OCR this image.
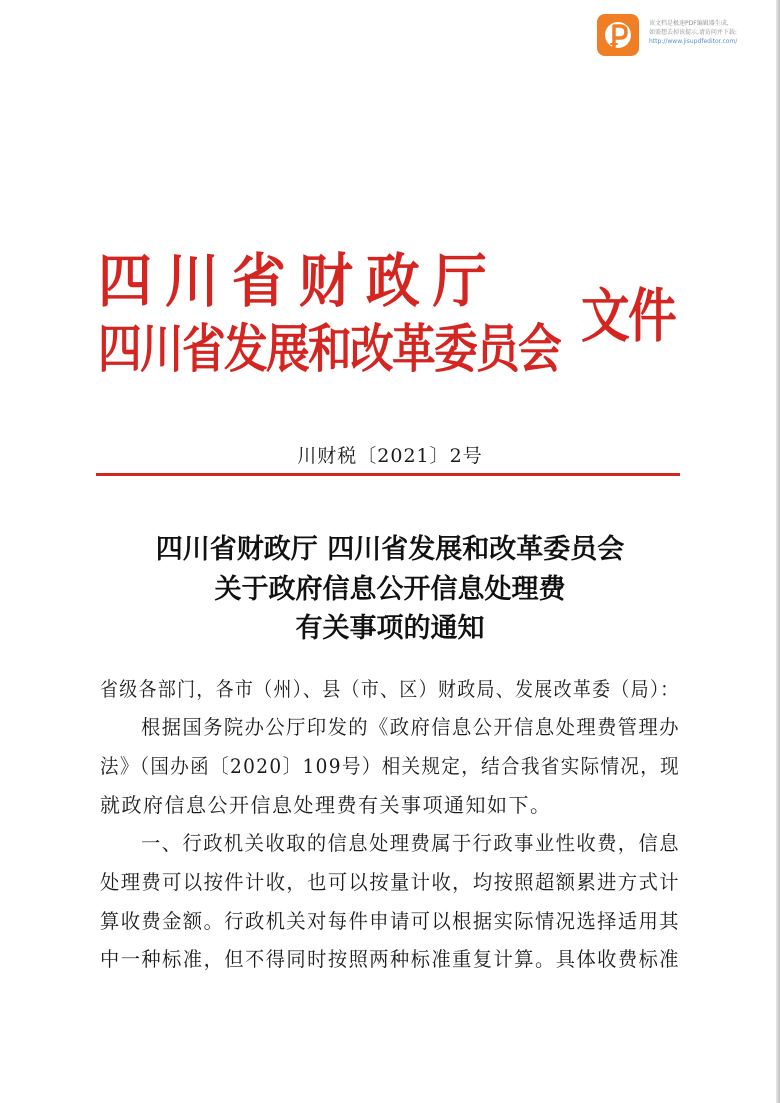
该文档是极速PDF编辑器生成,
如需想去掉该提示,请访问并下载:
http://www.jisupdfeditor.com/
四川省财政厅
四川省发展和改革委员会 文件
川财税〔2021〕2号
四川省财政厅 四川省发展和改革委员会
关于政府信息公开信息处理费
有关事项的通知
省级各部门，各市（州）、县（市、区）财政局、发展改革委（局）：
根据国务院办公厅印发的《政府信息公开信息处理费管理办
法》（国办函〔2020〕109号）相关规定，结合我省实际情况，现
就政府信息公开信息处理费有关事项通知如下。
一、行政机关收取的信息处理费属于行政事业性收费，信息
处理费可以按件计收，也可以按量计收，均按照超额累进方式计
算收费金额。行政机关对每件申请可以根据实际情况选择适用其
中一种标准，但不得同时按照两种标准重复计算。具体收费标准
